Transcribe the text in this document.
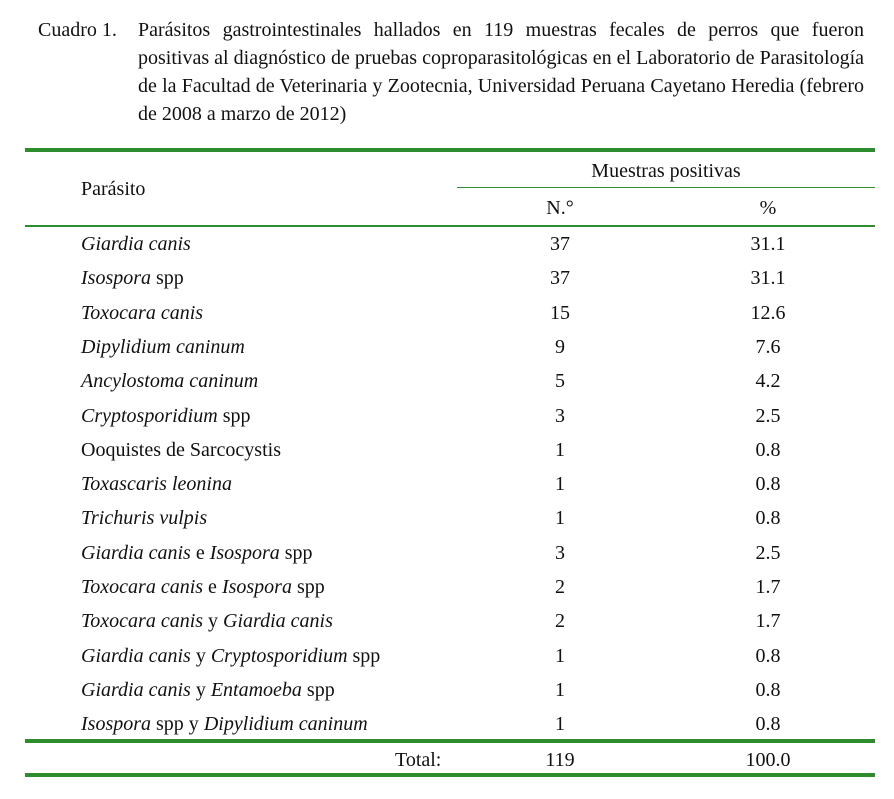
Cuadro 1. Parásitos gastrointestinales hallados en 119 muestras fecales de perros que fueron positivas al diagnóstico de pruebas coproparasitológicas en el Laboratorio de Parasitología de la Facultad de Veterinaria y Zootecnia, Universidad Peruana Cayetano Heredia (febrero de 2008 a marzo de 2012)
Parásito
Muestras positivas
N.°	%
Giardia canis	37	31.1
Isospora spp	37	31.1
Toxocara canis	15	12.6
Dipylidium caninum	9	7.6
Ancylostoma caninum	5	4.2
Cryptosporidium spp	3	2.5
Ooquistes de Sarcocystis	1	0.8
Toxascaris leonina	1	0.8
Trichuris vulpis	1	0.8
Giardia canis e Isospora spp	3	2.5
Toxocara canis e Isospora spp	2	1.7
Toxocara canis y Giardia canis	2	1.7
Giardia canis y Cryptosporidium spp	1	0.8
Giardia canis y Entamoeba spp	1	0.8
Isospora spp y Dipylidium caninum	1	0.8
Total:	119	100.0
